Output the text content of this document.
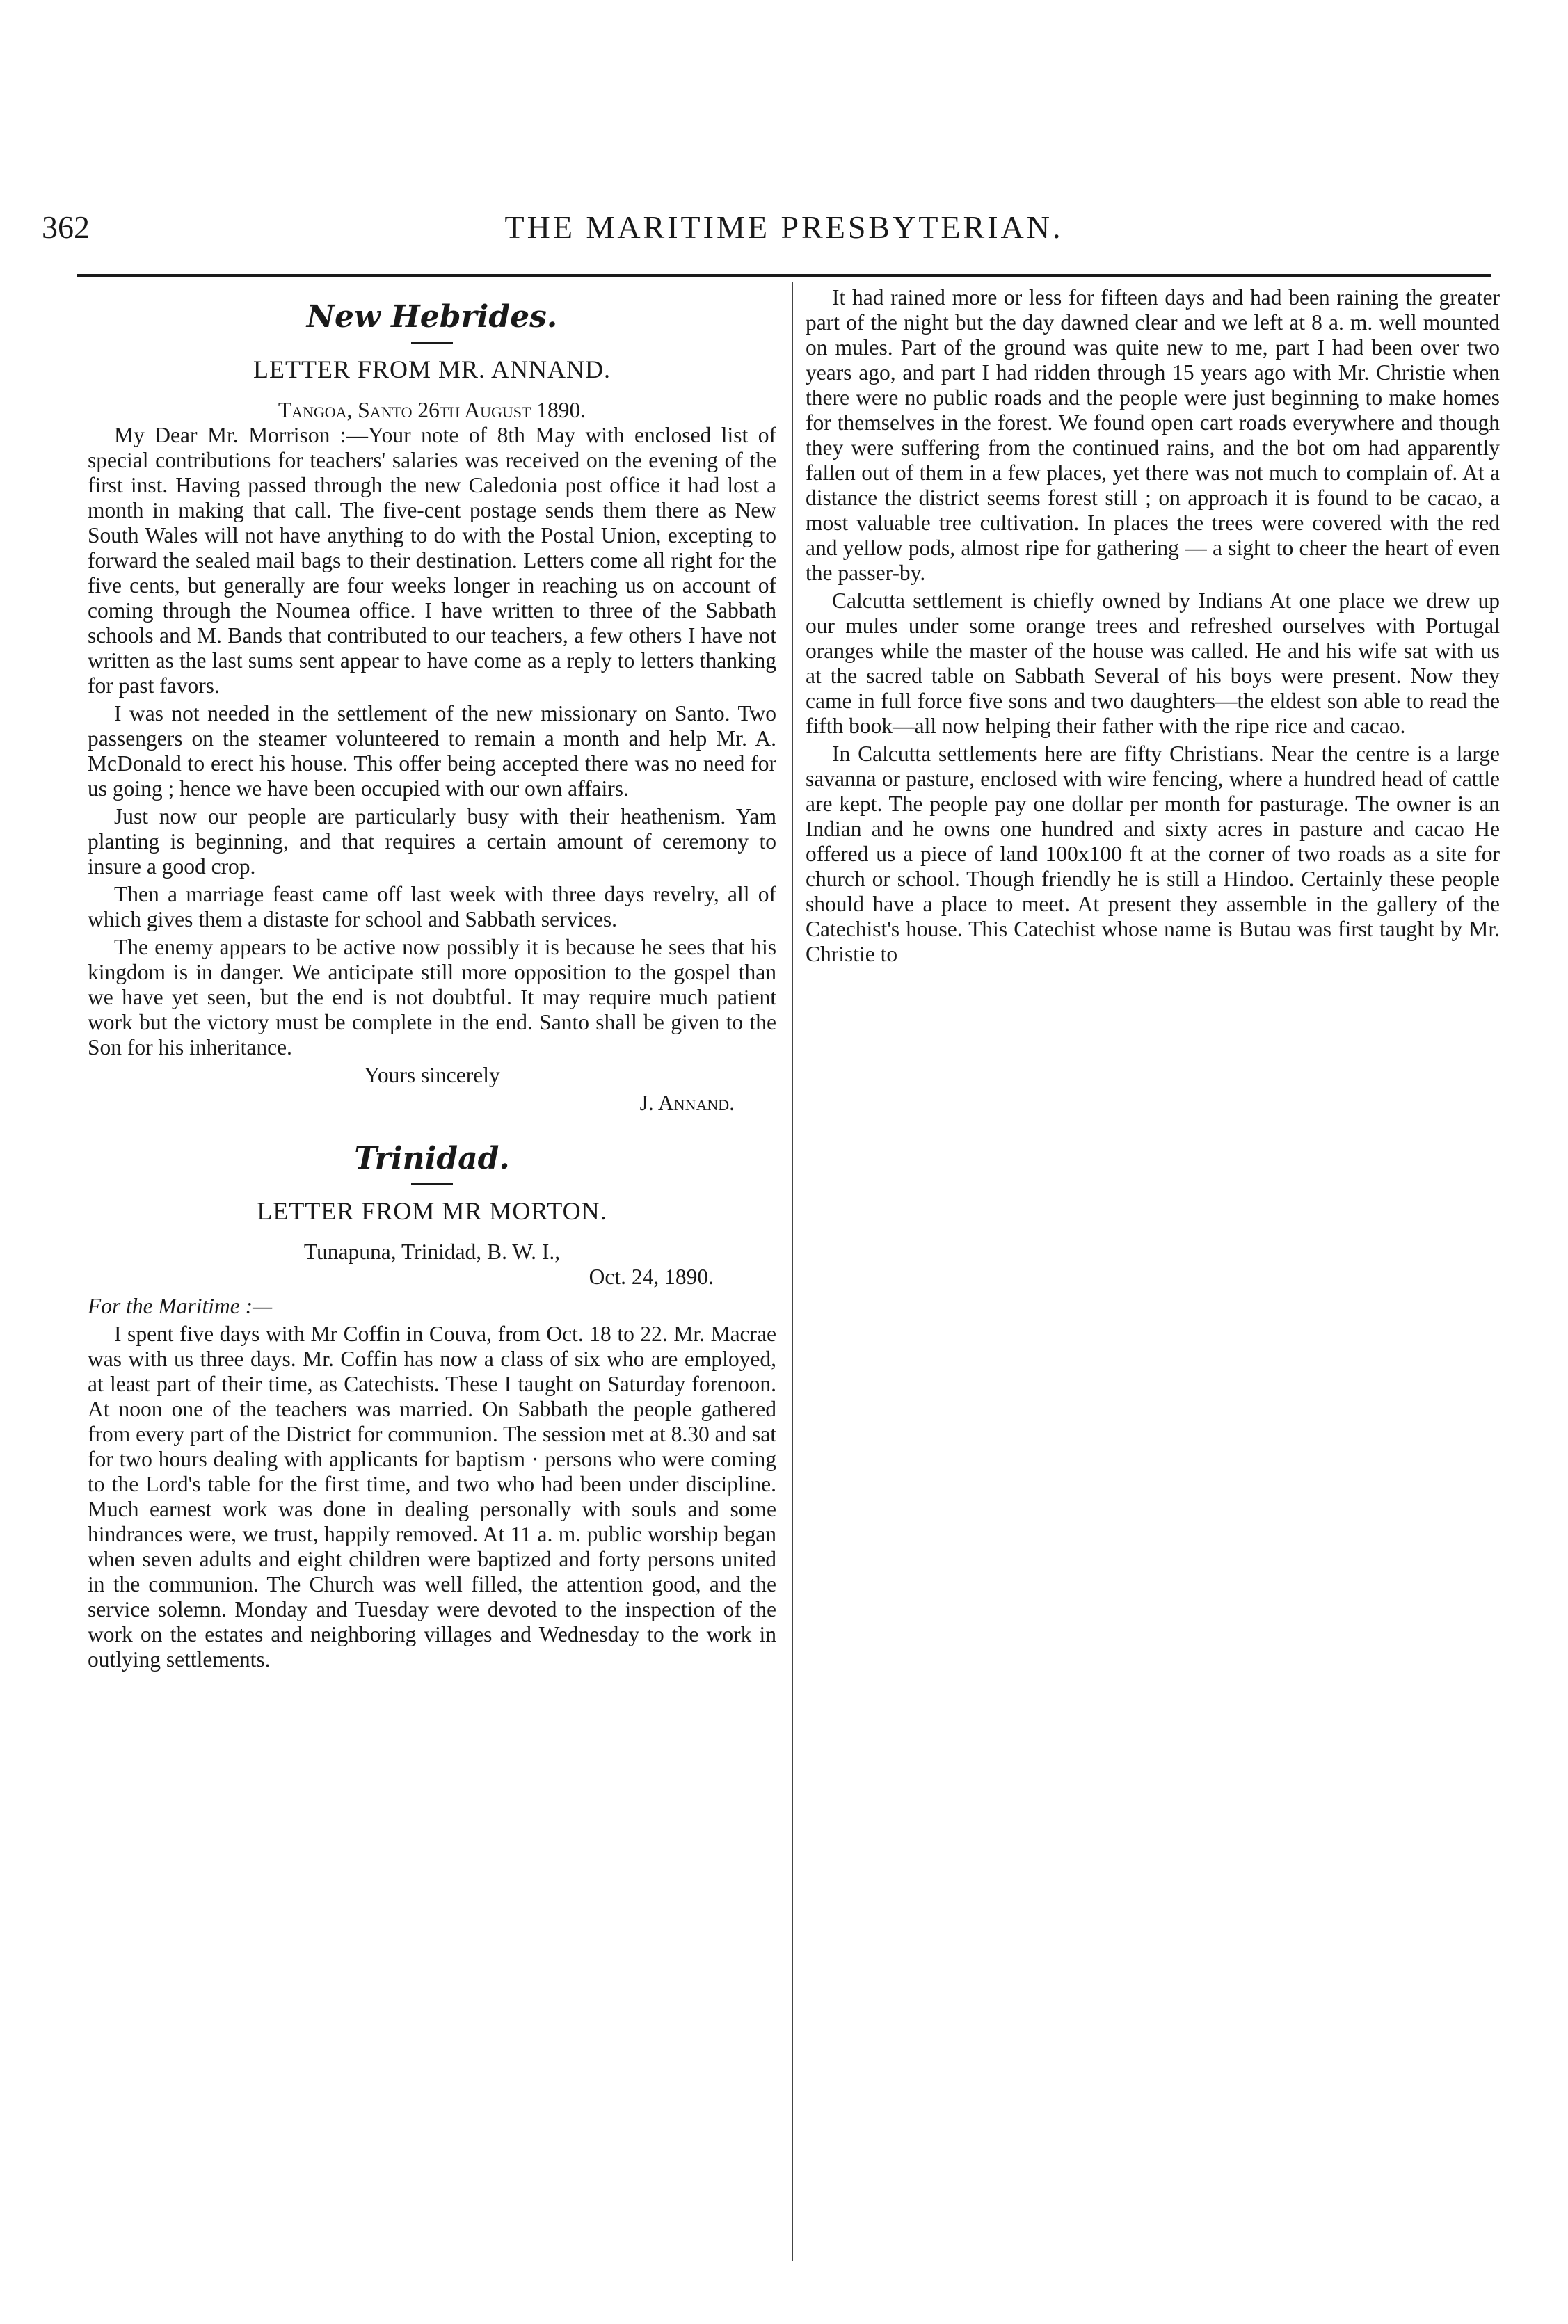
362	THE MARITIME PRESBYTERIAN.
New Hebrides.
LETTER FROM MR. ANNAND.

Tangoa, Santo 26th August 1890.

My Dear Mr. Morrison :—Your note of 8th May with enclosed list of special contributions for teachers' salaries was received on the evening of the first inst. Having passed through the new Caledonia post office it had lost a month in making that call. The five-cent postage sends them there as New South Wales will not have anything to do with the Postal Union, excepting to forward the sealed mail bags to their destination. Letters come all right for the five cents, but generally are four weeks longer in reaching us on account of coming through the Noumea office. I have written to three of the Sabbath schools and M. Bands that contributed to our teachers, a few others I have not written as the last sums sent appear to have come as a reply to letters thanking for past favors.

I was not needed in the settlement of the new missionary on Santo. Two passengers on the steamer volunteered to remain a month and help Mr. A. McDonald to erect his house. This offer being accepted there was no need for us going ; hence we have been occupied with our own affairs.

Just now our people are particularly busy with their heathenism. Yam planting is beginning, and that requires a certain amount of ceremony to insure a good crop.

Then a marriage feast came off last week with three days revelry, all of which gives them a distaste for school and Sabbath services.

The enemy appears to be active now possibly it is because he sees that his kingdom is in danger. We anticipate still more opposition to the gospel than we have yet seen, but the end is not doubtful. It may require much patient work but the victory must be complete in the end. Santo shall be given to the Son for his inheritance.

Yours sincerely

J. Annand.

Trinidad.
LETTER FROM MR MORTON.

Tunapuna, Trinidad, B. W. I.,

Oct. 24, 1890.

For the Maritime :—

I spent five days with Mr Coffin in Couva, from Oct. 18 to 22. Mr. Macrae was with us three days. Mr. Coffin has now a class of six who are employed, at least part of their time, as Catechists. These I taught on Saturday forenoon. At noon one of the teachers was married. On Sabbath the people gathered from every part of the District for communion. The session met at 8.30 and sat for two hours dealing with applicants for baptism · persons who were coming to the Lord's table for the first time, and two who had been under discipline. Much earnest work was done in dealing personally with souls and some hindrances were, we trust, happily removed. At 11 a. m. public worship began when seven adults and eight children were baptized and forty persons united in the communion. The Church was well filled, the attention good, and the service solemn. Monday and Tuesday were devoted to the inspection of the work on the estates and neighboring villages and Wednesday to the work in outlying settlements.

It had rained more or less for fifteen days and had been raining the greater part of the night but the day dawned clear and we left at 8 a. m. well mounted on mules. Part of the ground was quite new to me, part I had been over two years ago, and part I had ridden through 15 years ago with Mr. Christie when there were no public roads and the people were just beginning to make homes for themselves in the forest. We found open cart roads everywhere and though they were suffering from the continued rains, and the bot om had apparently fallen out of them in a few places, yet there was not much to complain of. At a distance the district seems forest still ; on approach it is found to be cacao, a most valuable tree cultivation. In places the trees were covered with the red and yellow pods, almost ripe for gathering — a sight to cheer the heart of even the passer-by.

Calcutta settlement is chiefly owned by Indians At one place we drew up our mules under some orange trees and refreshed ourselves with Portugal oranges while the master of the house was called. He and his wife sat with us at the sacred table on Sabbath Several of his boys were present. Now they came in full force five sons and two daughters—the eldest son able to read the fifth book—all now helping their father with the ripe rice and cacao.

In Calcutta settlements here are fifty Christians. Near the centre is a large savanna or pasture, enclosed with wire fencing, where a hundred head of cattle are kept. The people pay one dollar per month for pasturage. The owner is an Indian and he owns one hundred and sixty acres in pasture and cacao He offered us a piece of land 100x100 ft at the corner of two roads as a site for church or school. Though friendly he is still a Hindoo. Certainly these people should have a place to meet. At present they assemble in the gallery of the Catechist's house. This Catechist whose name is Butau was first taught by Mr. Christie to
